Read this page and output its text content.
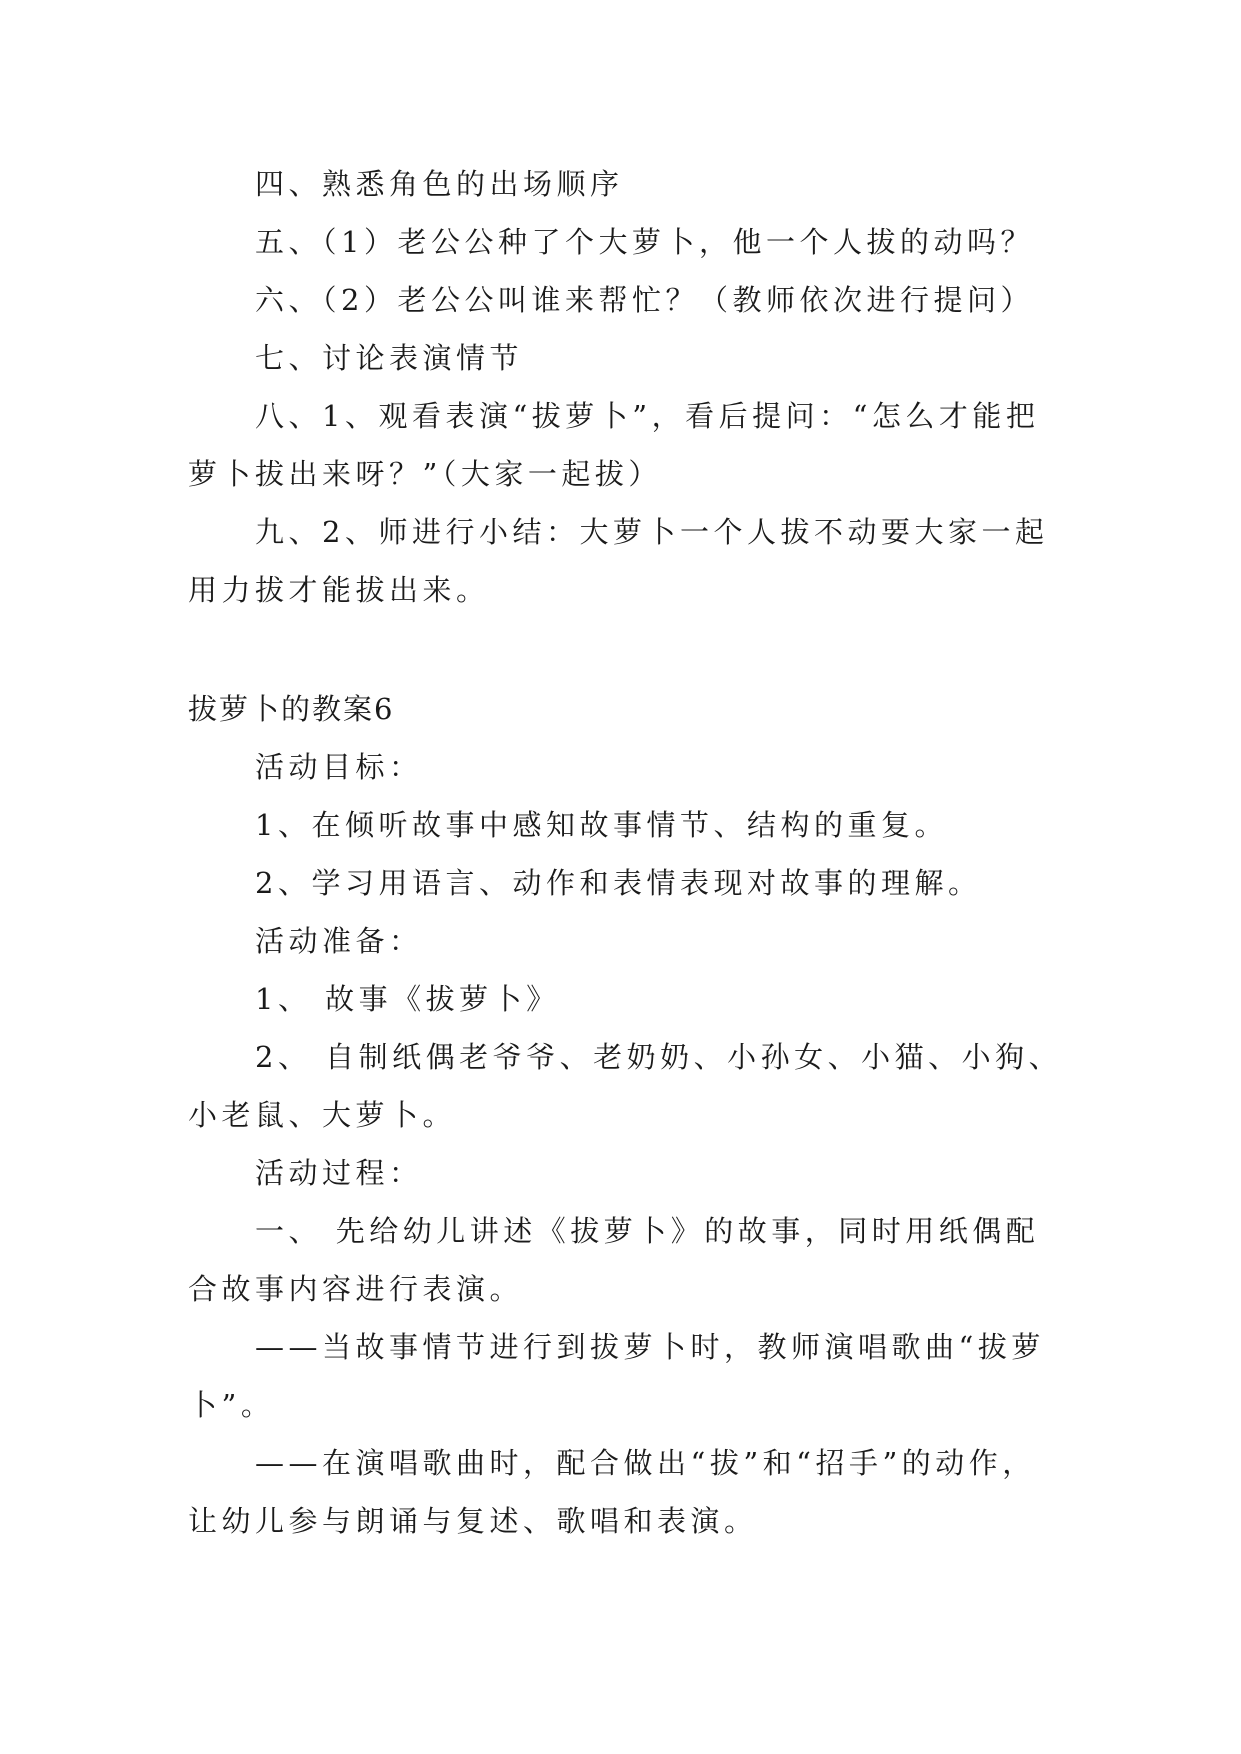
四、熟悉角色的出场顺序
五、（1）老公公种了个大萝卜，他一个人拔的动吗？
六、（2）老公公叫谁来帮忙？（教师依次进行提问）
七、讨论表演情节
八、1、观看表演“拔萝卜”，看后提问：“怎么才能把
萝卜拔出来呀？”（大家一起拔）
九、2、师进行小结：大萝卜一个人拔不动要大家一起
用力拔才能拔出来。
拔萝卜的教案6
活动目标：
1、在倾听故事中感知故事情节、结构的重复。
2、学习用语言、动作和表情表现对故事的理解。
活动准备：
1、 故事《拔萝卜》
2、 自制纸偶老爷爷、老奶奶、小孙女、小猫、小狗、
小老鼠、大萝卜。
活动过程：
一、 先给幼儿讲述《拔萝卜》的故事，同时用纸偶配
合故事内容进行表演。
——当故事情节进行到拔萝卜时，教师演唱歌曲“拔萝
卜”。
——在演唱歌曲时，配合做出“拔”和“招手”的动作，
让幼儿参与朗诵与复述、歌唱和表演。
